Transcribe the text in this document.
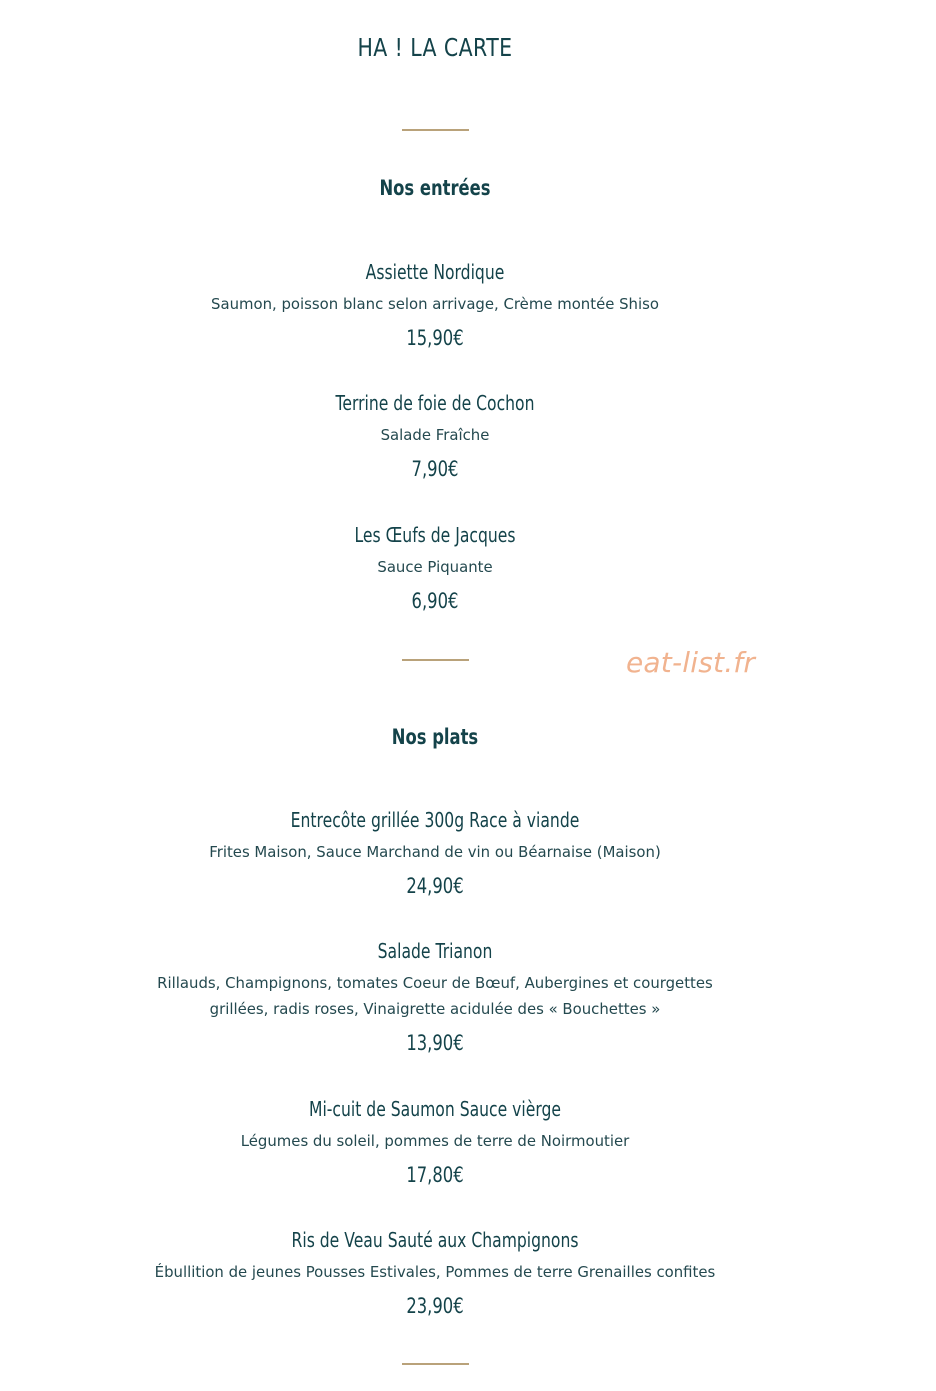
HA ! LA CARTE
Nos entrées
Assiette Nordique
Saumon, poisson blanc selon arrivage, Crème montée Shiso
15,90€
Terrine de foie de Cochon
Salade Fraîche
7,90€
Les Œufs de Jacques
Sauce Piquante
6,90€
eat-list.fr
Nos plats
Entrecôte grillée 300g Race à viande
Frites Maison, Sauce Marchand de vin ou Béarnaise (Maison)
24,90€
Salade Trianon
Rillauds, Champignons, tomates Coeur de Bœuf, Aubergines et courgettes grillées, radis roses, Vinaigrette acidulée des « Bouchettes »
13,90€
Mi-cuit de Saumon Sauce vièrge
Légumes du soleil, pommes de terre de Noirmoutier
17,80€
Ris de Veau Sauté aux Champignons
Ébullition de jeunes Pousses Estivales, Pommes de terre Grenailles confites
23,90€
